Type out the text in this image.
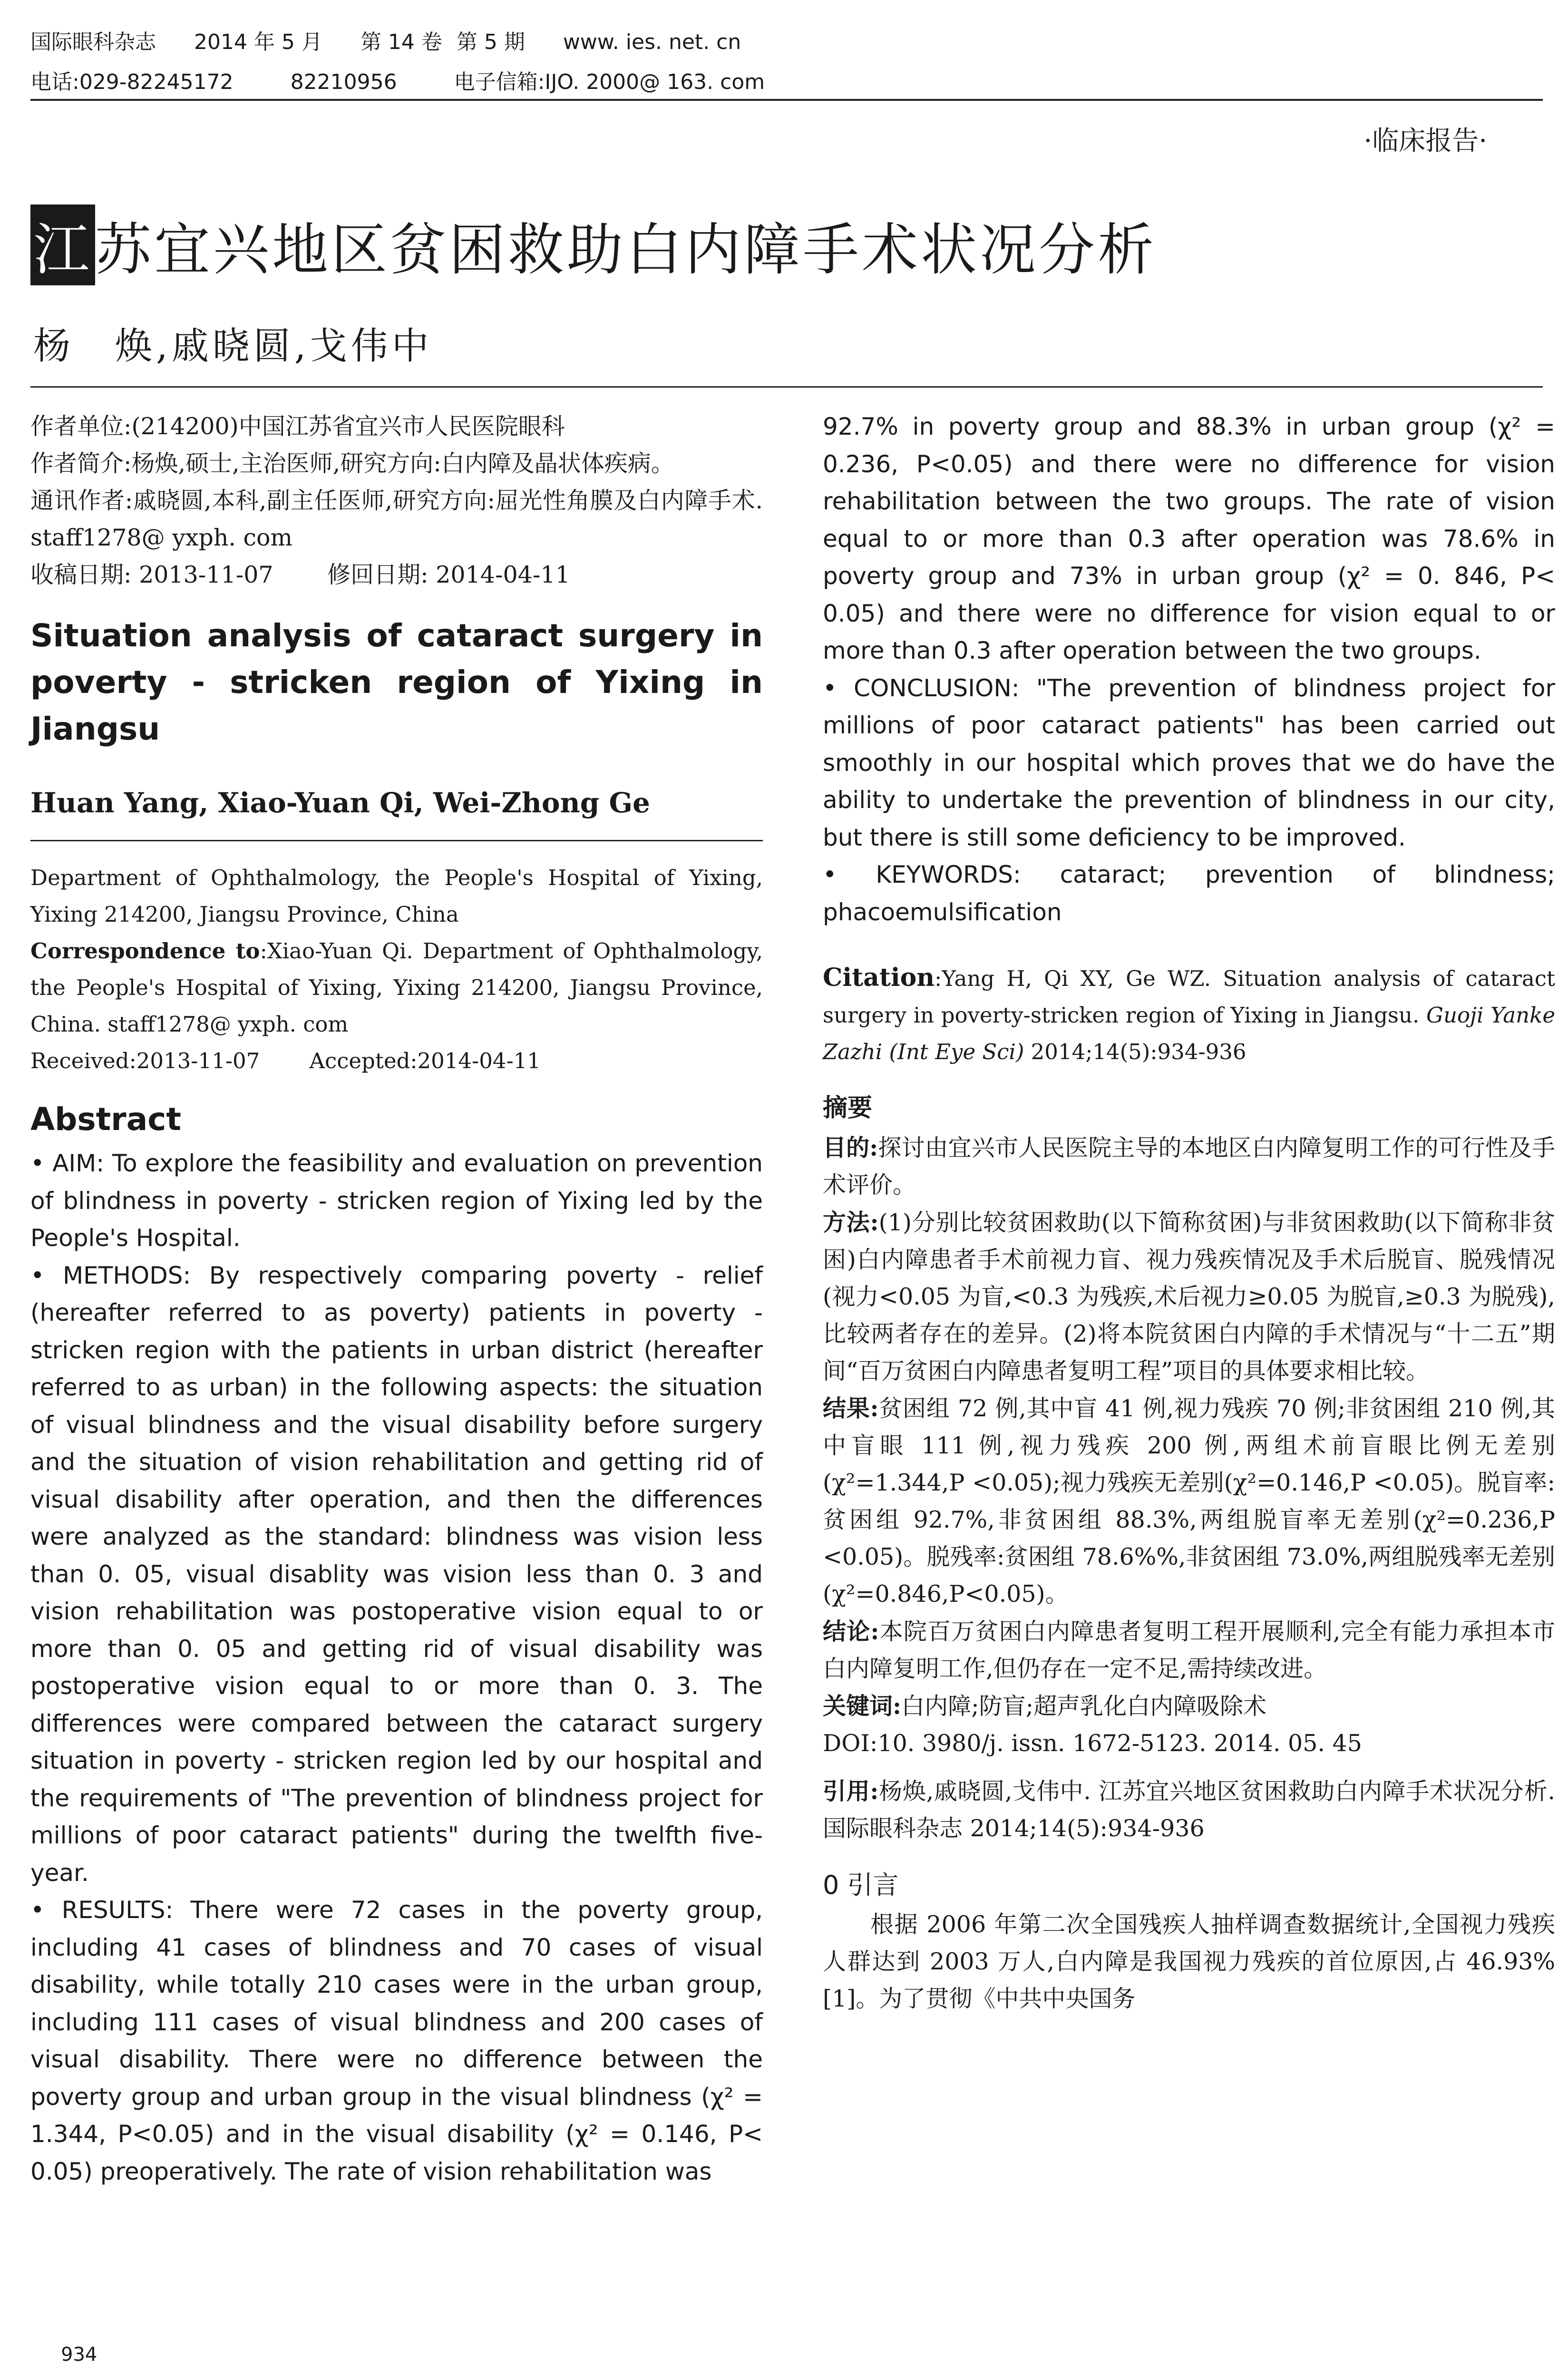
国际眼科杂志 2014 年 5 月 第 14 卷 第 5 期 www. ies. net. cn
电话:029-82245172	82210956	电子信箱:IJO. 2000@ 163. com
·临床报告·
江苏宜兴地区贫困救助白内障手术状况分析
杨　焕,戚晓圆,戈伟中

作者单位:(214200)中国江苏省宜兴市人民医院眼科

作者简介:杨焕,硕士,主治医师,研究方向:白内障及晶状体疾病。

通讯作者:戚晓圆,本科,副主任医师,研究方向:屈光性角膜及白内障手术. staff1278@ yxph. com

收稿日期: 2013-11-07　　 修回日期: 2014-04-11

Situation analysis of cataract surgery in poverty - stricken region of Yixing in Jiangsu

Huan Yang, Xiao-Yuan Qi, Wei-Zhong Ge

Department of Ophthalmology, the People's Hospital of Yixing, Yixing 214200, Jiangsu Province, China

Correspondence to:Xiao-Yuan Qi. Department of Ophthalmology, the People's Hospital of Yixing, Yixing 214200, Jiangsu Province, China. staff1278@ yxph. com

Received:2013-11-07　　 Accepted:2014-04-11

Abstract

• AIM: To explore the feasibility and evaluation on prevention of blindness in poverty - stricken region of Yixing led by the People's Hospital.

• METHODS: By respectively comparing poverty - relief (hereafter referred to as poverty) patients in poverty - stricken region with the patients in urban district (hereafter referred to as urban) in the following aspects: the situation of visual blindness and the visual disability before surgery and the situation of vision rehabilitation and getting rid of visual disability after operation, and then the differences were analyzed as the standard: blindness was vision less than 0. 05, visual disablity was vision less than 0. 3 and vision rehabilitation was postoperative vision equal to or more than 0. 05 and getting rid of visual disability was postoperative vision equal to or more than 0. 3. The differences were compared between the cataract surgery situation in poverty - stricken region led by our hospital and the requirements of "The prevention of blindness project for millions of poor cataract patients" during the twelfth five-year.

• RESULTS: There were 72 cases in the poverty group, including 41 cases of blindness and 70 cases of visual disability, while totally 210 cases were in the urban group, including 111 cases of visual blindness and 200 cases of visual disability. There were no difference between the poverty group and urban group in the visual blindness (χ² = 1.344, P<0.05) and in the visual disability (χ² = 0.146, P< 0.05) preoperatively. The rate of vision rehabilitation was

92.7% in poverty group and 88.3% in urban group (χ² = 0.236, P<0.05) and there were no difference for vision rehabilitation between the two groups. The rate of vision equal to or more than 0.3 after operation was 78.6% in poverty group and 73% in urban group (χ² = 0. 846, P< 0.05) and there were no difference for vision equal to or more than 0.3 after operation between the two groups.

• CONCLUSION: "The prevention of blindness project for millions of poor cataract patients" has been carried out smoothly in our hospital which proves that we do have the ability to undertake the prevention of blindness in our city, but there is still some deficiency to be improved.

• KEYWORDS: cataract; prevention of blindness; phacoemulsification

Citation:Yang H, Qi XY, Ge WZ. Situation analysis of cataract surgery in poverty-stricken region of Yixing in Jiangsu. Guoji Yanke Zazhi (Int Eye Sci) 2014;14(5):934-936

摘要

目的:探讨由宜兴市人民医院主导的本地区白内障复明工作的可行性及手术评价。

方法:(1)分别比较贫困救助(以下简称贫困)与非贫困救助(以下简称非贫困)白内障患者手术前视力盲、视力残疾情况及手术后脱盲、脱残情况(视力<0.05 为盲,<0.3 为残疾,术后视力≥0.05 为脱盲,≥0.3 为脱残),比较两者存在的差异。(2)将本院贫困白内障的手术情况与“十二五”期间“百万贫困白内障患者复明工程”项目的具体要求相比较。

结果:贫困组 72 例,其中盲 41 例,视力残疾 70 例;非贫困组 210 例,其中盲眼 111 例,视力残疾 200 例,两组术前盲眼比例无差别(χ²=1.344,P <0.05);视力残疾无差别(χ²=0.146,P <0.05)。脱盲率:贫困组 92.7%,非贫困组 88.3%,两组脱盲率无差别(χ²=0.236,P <0.05)。脱残率:贫困组 78.6%%,非贫困组 73.0%,两组脱残率无差别(χ²=0.846,P<0.05)。

结论:本院百万贫困白内障患者复明工程开展顺利,完全有能力承担本市白内障复明工作,但仍存在一定不足,需持续改进。

关键词:白内障;防盲;超声乳化白内障吸除术

DOI:10. 3980/j. issn. 1672-5123. 2014. 05. 45

引用:杨焕,戚晓圆,戈伟中. 江苏宜兴地区贫困救助白内障手术状况分析. 国际眼科杂志 2014;14(5):934-936

0 引言

根据 2006 年第二次全国残疾人抽样调查数据统计,全国视力残疾人群达到 2003 万人,白内障是我国视力残疾的首位原因,占 46.93%[1]。为了贯彻《中共中央国务

934
